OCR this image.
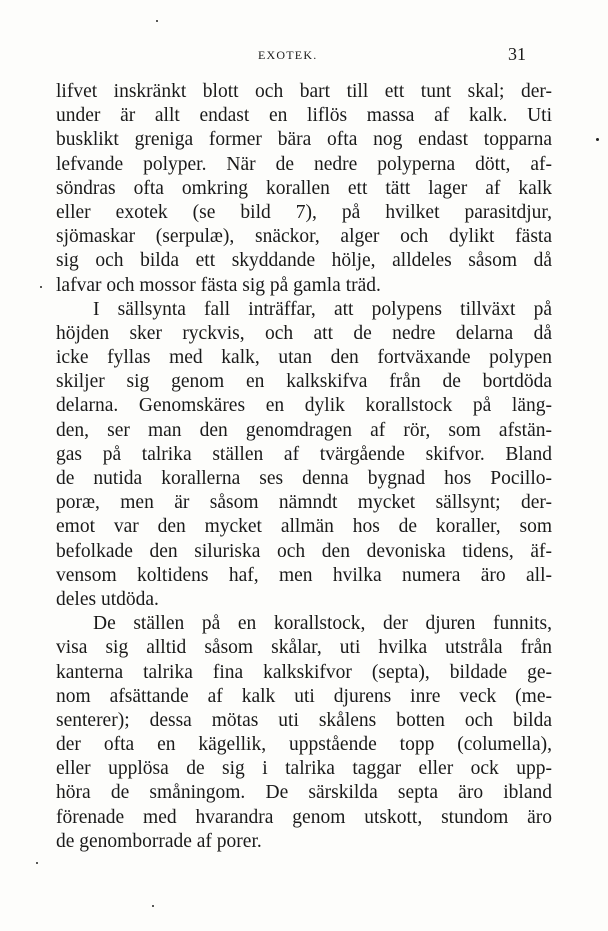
EXOTEK.	31
lifvet inskränkt blott och bart till ett tunt skal; der-
under är allt endast en liflös massa af kalk. Uti
busklikt greniga former bära ofta nog endast topparna
lefvande polyper. När de nedre polyperna dött, af-
söndras ofta omkring korallen ett tätt lager af kalk
eller exotek (se bild 7), på hvilket parasitdjur,
sjömaskar (serpulæ), snäckor, alger och dylikt fästa
sig och bilda ett skyddande hölje, alldeles såsom då
lafvar och mossor fästa sig på gamla träd.
I sällsynta fall inträffar, att polypens tillväxt på
höjden sker ryckvis, och att de nedre delarna då
icke fyllas med kalk, utan den fortväxande polypen
skiljer sig genom en kalkskifva från de bortdöda
delarna. Genomskäres en dylik korallstock på läng-
den, ser man den genomdragen af rör, som afstän-
gas på talrika ställen af tvärgående skifvor. Bland
de nutida korallerna ses denna bygnad hos Pocillo-
poræ, men är såsom nämndt mycket sällsynt; der-
emot var den mycket allmän hos de koraller, som
befolkade den siluriska och den devoniska tidens, äf-
vensom koltidens haf, men hvilka numera äro all-
deles utdöda.
De ställen på en korallstock, der djuren funnits,
visa sig alltid såsom skålar, uti hvilka utstråla från
kanterna talrika fina kalkskifvor (septa), bildade ge-
nom afsättande af kalk uti djurens inre veck (me-
senterer); dessa mötas uti skålens botten och bilda
der ofta en kägellik, uppstående topp (columella),
eller upplösa de sig i talrika taggar eller ock upp-
höra de småningom. De särskilda septa äro ibland
förenade med hvarandra genom utskott, stundom äro
de genomborrade af porer.
